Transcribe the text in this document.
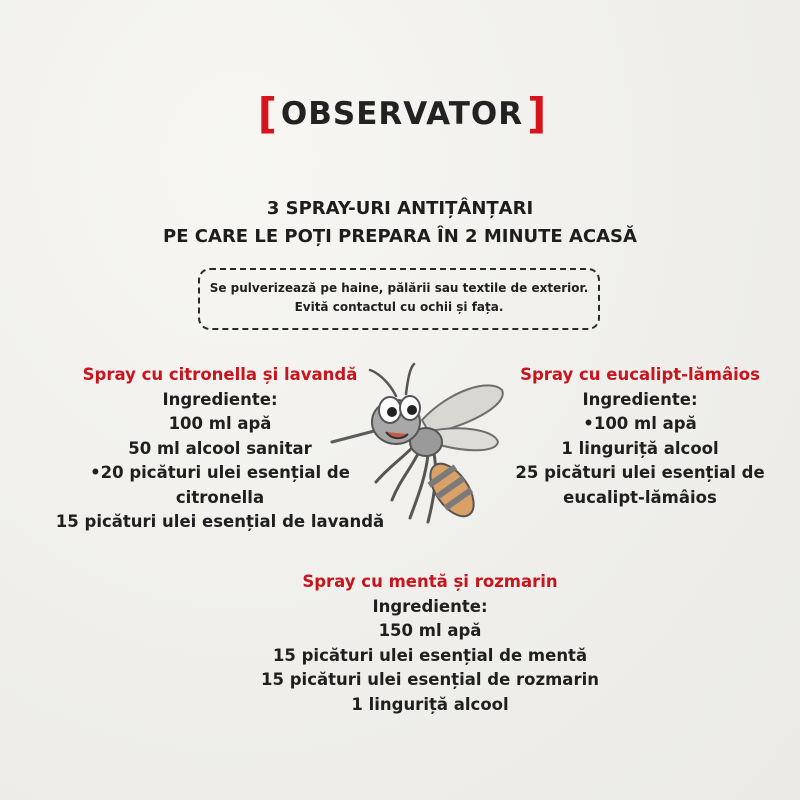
[ OBSERVATOR ]
3 SPRAY-URI ANTIȚÂNȚARI
PE CARE LE POȚI PREPARA ÎN 2 MINUTE ACASĂ
Se pulverizează pe haine, pălării sau textile de exterior.
Evită contactul cu ochii și fața.
Spray cu citronella și lavandă
Ingrediente:
100 ml apă
50 ml alcool sanitar
•20 picături ulei esențial de
citronella
15 picături ulei esențial de lavandă
Spray cu eucalipt-lămâios
Ingrediente:
•100 ml apă
1 linguriță alcool
25 picături ulei esențial de
eucalipt-lămâios
Spray cu mentă și rozmarin
Ingrediente:
150 ml apă
15 picături ulei esențial de mentă
15 picături ulei esențial de rozmarin
1 linguriță alcool
